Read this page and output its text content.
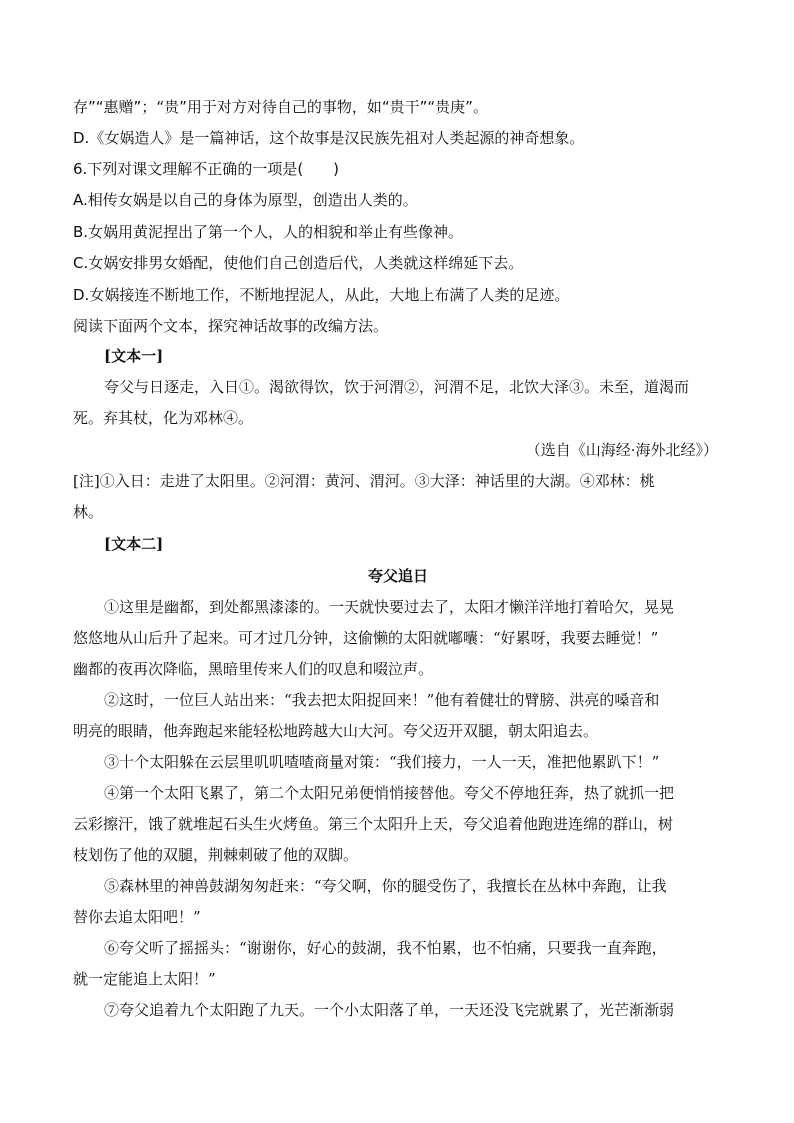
存”“惠赠”；“贵”用于对方对待自己的事物，如“贵干”“贵庚”。
D.《女娲造人》是一篇神话，这个故事是汉民族先祖对人类起源的神奇想象。
6.下列对课文理解不正确的一项是(　　)
A.相传女娲是以自己的身体为原型，创造出人类的。
B.女娲用黄泥捏出了第一个人，人的相貌和举止有些像神。
C.女娲安排男女婚配，使他们自己创造后代，人类就这样绵延下去。
D.女娲接连不断地工作，不断地捏泥人，从此，大地上布满了人类的足迹。
阅读下面两个文本，探究神话故事的改编方法。
[文本一]
夸父与日逐走，入日①。渴欲得饮，饮于河渭②，河渭不足，北饮大泽③。未至，道渴而
死。弃其杖，化为邓林④。
（选自《山海经·海外北经》）
[注]①入日：走进了太阳里。②河渭：黄河、渭河。③大泽：神话里的大湖。④邓林：桃
林。
[文本二]
夸父追日
①这里是幽都，到处都黑漆漆的。一天就快要过去了，太阳才懒洋洋地打着哈欠，晃晃
悠悠地从山后升了起来。可才过几分钟，这偷懒的太阳就嘟囔：“好累呀，我要去睡觉！”
幽都的夜再次降临，黑暗里传来人们的叹息和啜泣声。
②这时，一位巨人站出来：“我去把太阳捉回来！”他有着健壮的臂膀、洪亮的嗓音和
明亮的眼睛，他奔跑起来能轻松地跨越大山大河。夸父迈开双腿，朝太阳追去。
③十个太阳躲在云层里叽叽喳喳商量对策：“我们接力，一人一天，准把他累趴下！”
④第一个太阳飞累了，第二个太阳兄弟便悄悄接替他。夸父不停地狂奔，热了就抓一把
云彩擦汗，饿了就堆起石头生火烤鱼。第三个太阳升上天，夸父追着他跑进连绵的群山，树
枝划伤了他的双腿，荆棘刺破了他的双脚。
⑤森林里的神兽鼓湖匆匆赶来：“夸父啊，你的腿受伤了，我擅长在丛林中奔跑，让我
替你去追太阳吧！”
⑥夸父听了摇摇头：“谢谢你，好心的鼓湖，我不怕累，也不怕痛，只要我一直奔跑，
就一定能追上太阳！”
⑦夸父追着九个太阳跑了九天。一个小太阳落了单，一天还没飞完就累了，光芒渐渐弱
